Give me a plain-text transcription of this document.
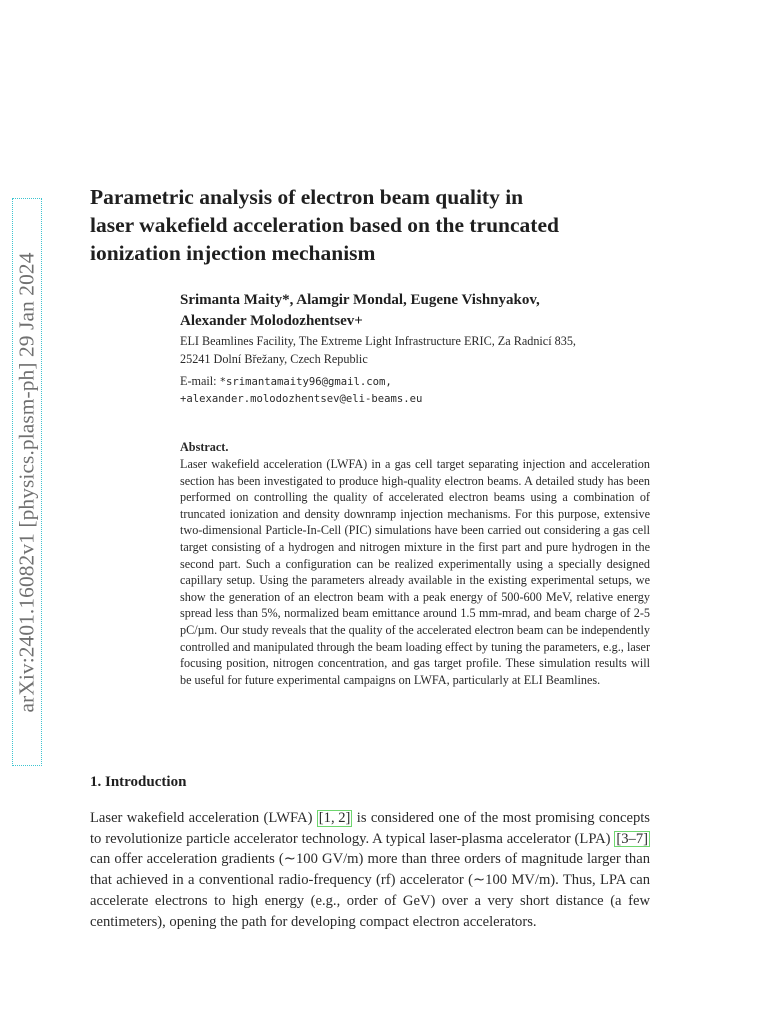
arXiv:2401.16082v1 [physics.plasm-ph] 29 Jan 2024
Parametric analysis of electron beam quality in
laser wakefield acceleration based on the truncated
ionization injection mechanism
Srimanta Maity*, Alamgir Mondal, Eugene Vishnyakov,
Alexander Molodozhentsev+
ELI Beamlines Facility, The Extreme Light Infrastructure ERIC, Za Radnicí 835,
25241 Dolní Břežany, Czech Republic
E-mail: *srimantamaity96@gmail.com,
+alexander.molodozhentsev@eli-beams.eu
Abstract.
Laser wakefield acceleration (LWFA) in a gas cell target separating injection and acceleration section has been investigated to produce high-quality electron beams. A detailed study has been performed on controlling the quality of accelerated electron beams using a combination of truncated ionization and density downramp injection mechanisms. For this purpose, extensive two-dimensional Particle-In-Cell (PIC) simulations have been carried out considering a gas cell target consisting of a hydrogen and nitrogen mixture in the first part and pure hydrogen in the second part. Such a configuration can be realized experimentally using a specially designed capillary setup. Using the parameters already available in the existing experimental setups, we show the generation of an electron beam with a peak energy of 500-600 MeV, relative energy spread less than 5%, normalized beam emittance around 1.5 mm-mrad, and beam charge of 2-5 pC/µm. Our study reveals that the quality of the accelerated electron beam can be independently controlled and manipulated through the beam loading effect by tuning the parameters, e.g., laser focusing position, nitrogen concentration, and gas target profile. These simulation results will be useful for future experimental campaigns on LWFA, particularly at ELI Beamlines.
1. Introduction
Laser wakefield acceleration (LWFA) [1, 2] is considered one of the most promising concepts to revolutionize particle accelerator technology. A typical laser-plasma accelerator (LPA) [3–7] can offer acceleration gradients (∼100 GV/m) more than three orders of magnitude larger than that achieved in a conventional radio-frequency (rf) accelerator (∼100 MV/m). Thus, LPA can accelerate electrons to high energy (e.g., order of GeV) over a very short distance (a few centimeters), opening the path for developing compact electron accelerators.
